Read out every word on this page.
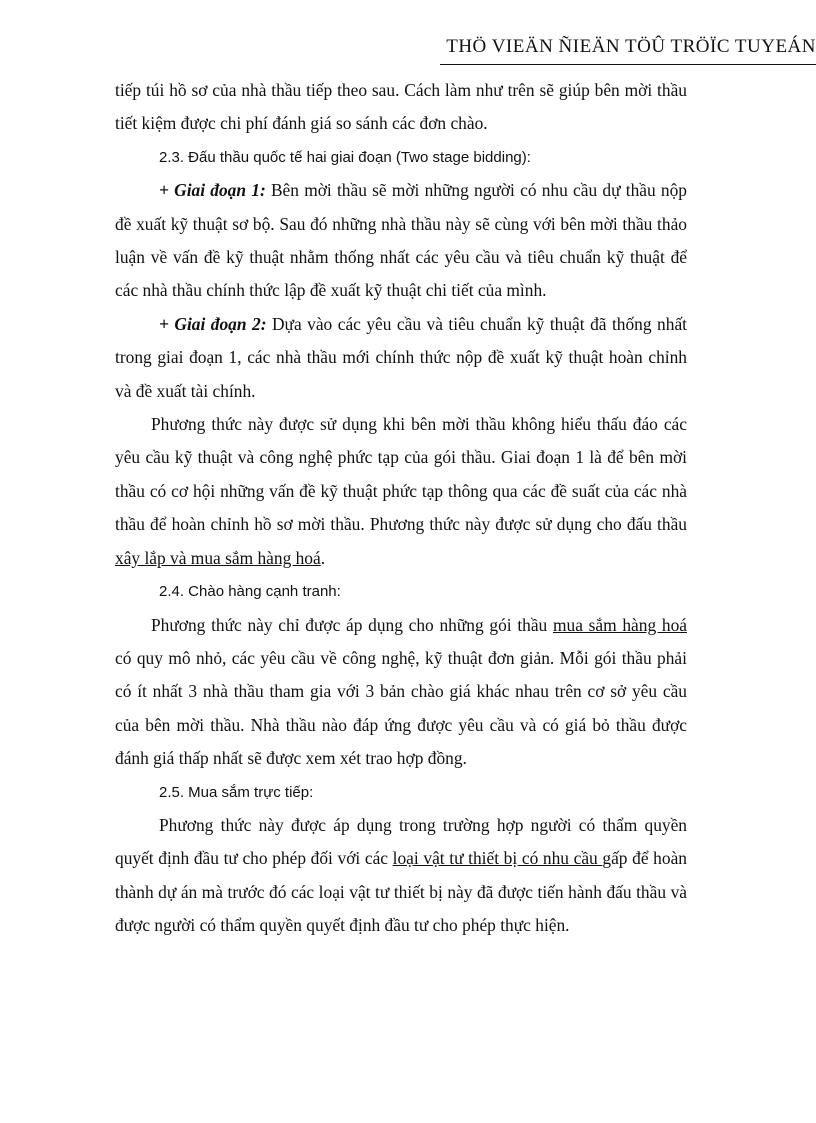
THÖ VIEÄN ÑIEÄN TÖÛ TRÖÏC TUYEÁN

tiếp túi hồ sơ của nhà thầu tiếp theo sau. Cách làm như trên sẽ giúp bên mời thầu tiết kiệm được chi phí đánh giá so sánh các đơn chào.

2.3. Đấu thầu quốc tế hai giai đoạn (Two stage bidding):

+ Giai đoạn 1: Bên mời thầu sẽ mời những người có nhu cầu dự thầu nộp đề xuất kỹ thuật sơ bộ. Sau đó những nhà thầu này sẽ cùng với bên mời thầu thảo luận về vấn đề kỹ thuật nhằm thống nhất các yêu cầu và tiêu chuẩn kỹ thuật để các nhà thầu chính thức lập đề xuất kỹ thuật chi tiết của mình.

+ Giai đoạn 2: Dựa vào các yêu cầu và tiêu chuẩn kỹ thuật đã thống nhất trong giai đoạn 1, các nhà thầu mới chính thức nộp đề xuất kỹ thuật hoàn chỉnh và đề xuất tài chính.

Phương thức này được sử dụng khi bên mời thầu không hiểu thấu đáo các yêu cầu kỹ thuật và công nghệ phức tạp của gói thầu. Giai đoạn 1 là để bên mời thầu có cơ hội những vấn đề kỹ thuật phức tạp thông qua các đề suất của các nhà thầu để hoàn chỉnh hồ sơ mời thầu. Phương thức này được sử dụng cho đấu thầu xây lắp và mua sắm hàng hoá.

2.4. Chào hàng cạnh tranh:

Phương thức này chỉ được áp dụng cho những gói thầu mua sắm hàng hoá có quy mô nhỏ, các yêu cầu về công nghệ, kỹ thuật đơn giản. Mỗi gói thầu phải có ít nhất 3 nhà thầu tham gia với 3 bản chào giá khác nhau trên cơ sở yêu cầu của bên mời thầu. Nhà thầu nào đáp ứng được yêu cầu và có giá bỏ thầu được đánh giá thấp nhất sẽ được xem xét trao hợp đồng.

2.5. Mua sắm trực tiếp:

Phương thức này được áp dụng trong trường hợp người có thẩm quyền quyết định đầu tư cho phép đối với các loại vật tư thiết bị có nhu cầu gấp để hoàn thành dự án mà trước đó các loại vật tư thiết bị này đã được tiến hành đấu thầu và được người có thẩm quyền quyết định đầu tư cho phép thực hiện.
